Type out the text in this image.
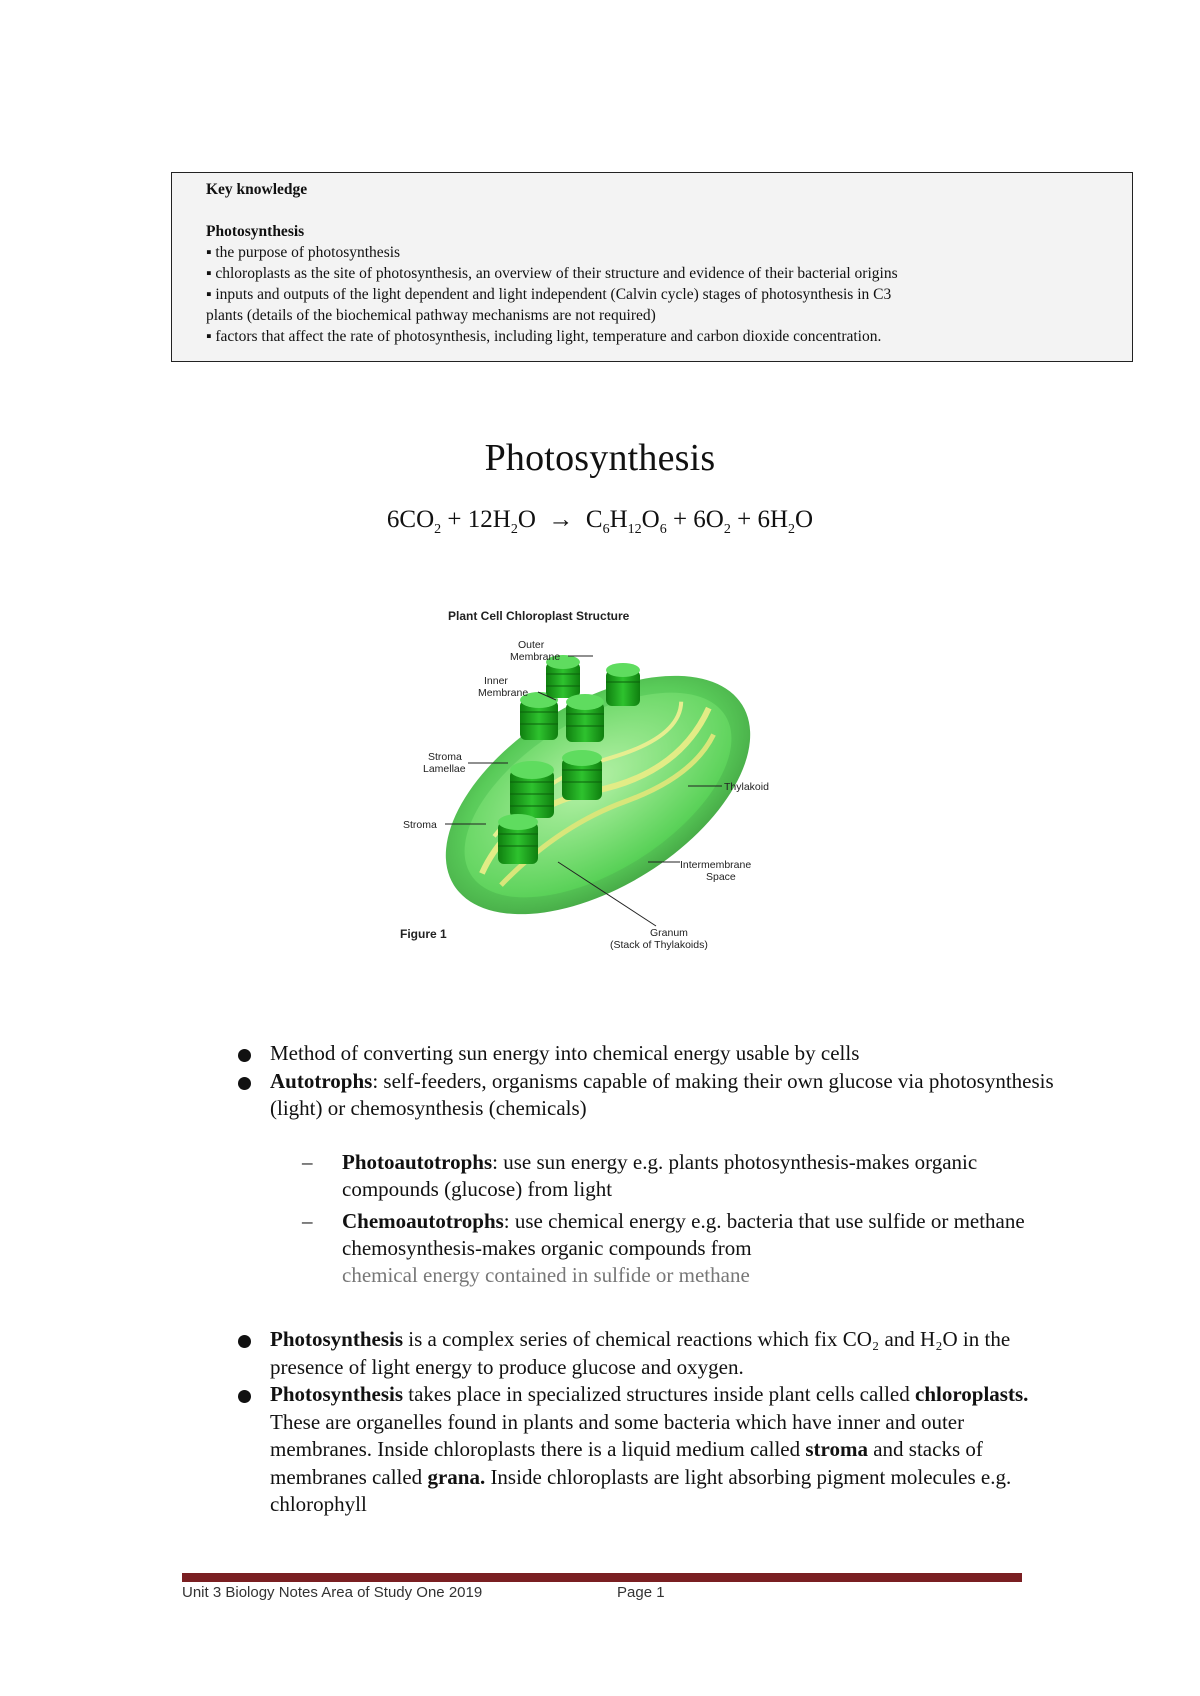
Key knowledge
Photosynthesis
▪ the purpose of photosynthesis
▪ chloroplasts as the site of photosynthesis, an overview of their structure and evidence of their bacterial origins
▪ inputs and outputs of the light dependent and light independent (Calvin cycle) stages of photosynthesis in C3
plants (details of the biochemical pathway mechanisms are not required)
▪ factors that affect the rate of photosynthesis, including light, temperature and carbon dioxide concentration.
Photosynthesis
$6CO_2 + 12H_2O \to C_6H_{12}O_6 + 6O_2 + 6H_2O$
Plant Cell Chloroplast Structure
Outer
Membrane
Inner
Membrane
Stroma
Lamellae
Stroma
Thylakoid
Intermembrane
Space
Granum
(Stack of Thylakoids)
Figure 1
Method of converting sun energy into chemical energy usable by cells
Autotrophs: self-feeders, organisms capable of making their own glucose via photosynthesis (light) or chemosynthesis (chemicals)
– Photoautotrophs: use sun energy e.g. plants photosynthesis-makes organic compounds (glucose) from light
– Chemoautotrophs: use chemical energy e.g. bacteria that use sulfide or methane chemosynthesis-makes organic compounds from
chemical energy contained in sulfide or methane
Photosynthesis is a complex series of chemical reactions which fix CO₂ and H₂O in the presence of light energy to produce glucose and oxygen.
Photosynthesis takes place in specialized structures inside plant cells called chloroplasts. These are organelles found in plants and some bacteria which have inner and outer membranes. Inside chloroplasts there is a liquid medium called stroma and stacks of membranes called grana. Inside chloroplasts are light absorbing pigment molecules e.g. chlorophyll
Unit 3 Biology Notes Area of Study One 2019	Page 1
